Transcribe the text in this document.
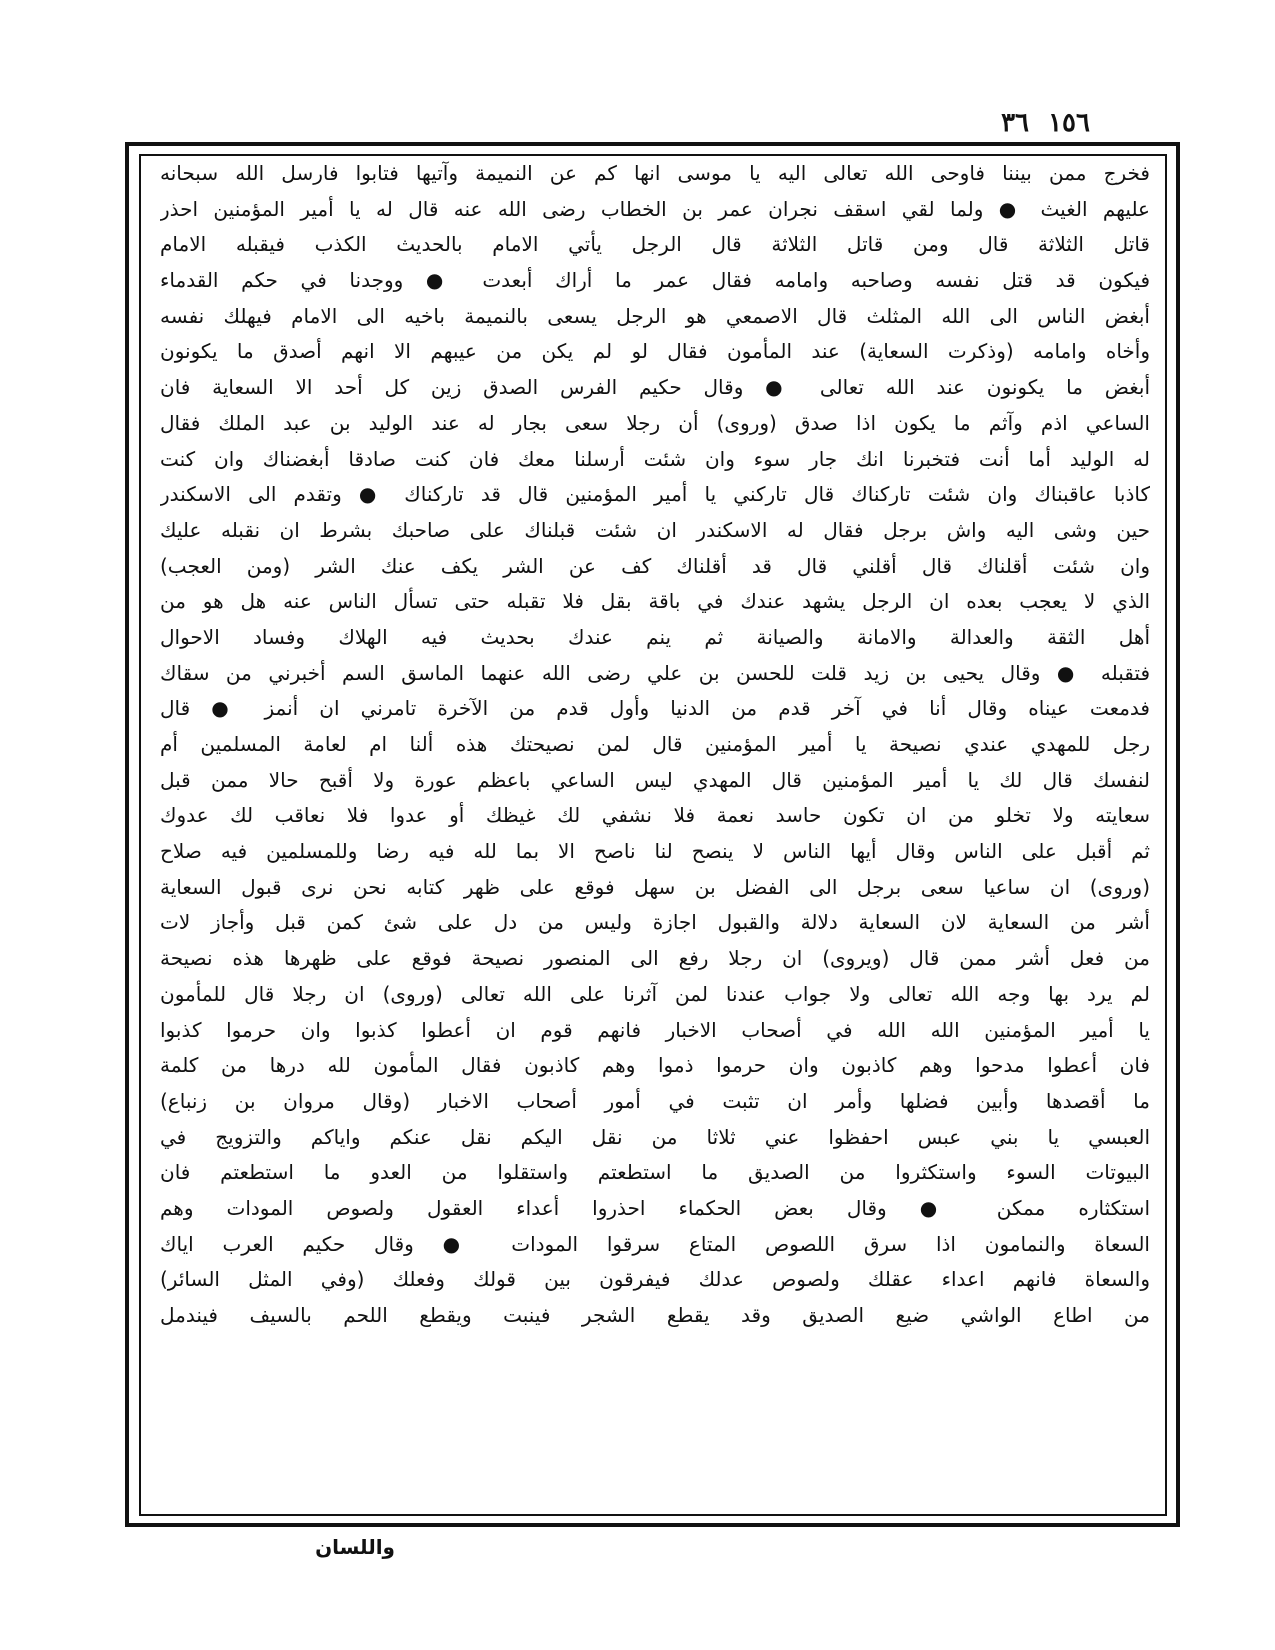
١٥٦ ٣٦
فخرج ممن بيننا فاوحى الله تعالى اليه يا موسى انها كم عن النميمة وآتيها فتابوا فارسل الله سبحانه
عليهم الغيث ● ولما لقي اسقف نجران عمر بن الخطاب رضى الله عنه قال له يا أمير المؤمنين احذر
قاتل الثلاثة قال ومن قاتل الثلاثة قال الرجل يأتي الامام بالحديث الكذب فيقبله الامام
فيكون قد قتل نفسه وصاحبه وامامه فقال عمر ما أراك أبعدت ● ووجدنا في حكم القدماء
أبغض الناس الى الله المثلث قال الاصمعي هو الرجل يسعى بالنميمة باخيه الى الامام فيهلك نفسه
وأخاه وامامه (وذكرت السعاية) عند المأمون فقال لو لم يكن من عيبهم الا انهم أصدق ما يكونون
أبغض ما يكونون عند الله تعالى ● وقال حكيم الفرس الصدق زين كل أحد الا السعاية فان
الساعي اذم وآثم ما يكون اذا صدق (وروى) أن رجلا سعى بجار له عند الوليد بن عبد الملك فقال
له الوليد أما أنت فتخبرنا انك جار سوء وان شئت أرسلنا معك فان كنت صادقا أبغضناك وان كنت
كاذبا عاقبناك وان شئت تاركناك قال تاركني يا أمير المؤمنين قال قد تاركناك ● وتقدم الى الاسكندر
حين وشى اليه واش برجل فقال له الاسكندر ان شئت قبلناك على صاحبك بشرط ان نقبله عليك
وان شئت أقلناك قال أقلني قال قد أقلناك كف عن الشر يكف عنك الشر (ومن العجب)
الذي لا يعجب بعده ان الرجل يشهد عندك في باقة بقل فلا تقبله حتى تسأل الناس عنه هل هو من
أهل الثقة والعدالة والامانة والصيانة ثم ينم عندك بحديث فيه الهلاك وفساد الاحوال
فتقبله ● وقال يحيى بن زيد قلت للحسن بن علي رضى الله عنهما الماسق السم أخبرني من سقاك
فدمعت عيناه وقال أنا في آخر قدم من الدنيا وأول قدم من الآخرة تامرني ان أنمز ● قال
رجل للمهدي عندي نصيحة يا أمير المؤمنين قال لمن نصيحتك هذه ألنا ام لعامة المسلمين أم
لنفسك قال لك يا أمير المؤمنين قال المهدي ليس الساعي باعظم عورة ولا أقبح حالا ممن قبل
سعايته ولا تخلو من ان تكون حاسد نعمة فلا نشفي لك غيظك أو عدوا فلا نعاقب لك عدوك
ثم أقبل على الناس وقال أيها الناس لا ينصح لنا ناصح الا بما لله فيه رضا وللمسلمين فيه صلاح
(وروى) ان ساعيا سعى برجل الى الفضل بن سهل فوقع على ظهر كتابه نحن نرى قبول السعاية
أشر من السعاية لان السعاية دلالة والقبول اجازة وليس من دل على شئ كمن قبل وأجاز لات
من فعل أشر ممن قال (ويروى) ان رجلا رفع الى المنصور نصيحة فوقع على ظهرها هذه نصيحة
لم يرد بها وجه الله تعالى ولا جواب عندنا لمن آثرنا على الله تعالى (وروى) ان رجلا قال للمأمون
يا أمير المؤمنين الله الله في أصحاب الاخبار فانهم قوم ان أعطوا كذبوا وان حرموا كذبوا
فان أعطوا مدحوا وهم كاذبون وان حرموا ذموا وهم كاذبون فقال المأمون لله درها من كلمة
ما أقصدها وأبين فضلها وأمر ان تثبت في أمور أصحاب الاخبار (وقال مروان بن زنباع)
العبسي يا بني عبس احفظوا عني ثلاثا من نقل اليكم نقل عنكم واياكم والتزويج في
البيوتات السوء واستكثروا من الصديق ما استطعتم واستقلوا من العدو ما استطعتم فان
استكثاره ممكن ● وقال بعض الحكماء احذروا أعداء العقول ولصوص المودات وهم
السعاة والنمامون اذا سرق اللصوص المتاع سرقوا المودات ● وقال حكيم العرب اياك
والسعاة فانهم اعداء عقلك ولصوص عدلك فيفرقون بين قولك وفعلك (وفي المثل السائر)
من اطاع الواشي ضيع الصديق وقد يقطع الشجر فينبت ويقطع اللحم بالسيف فيندمل
واللسان
